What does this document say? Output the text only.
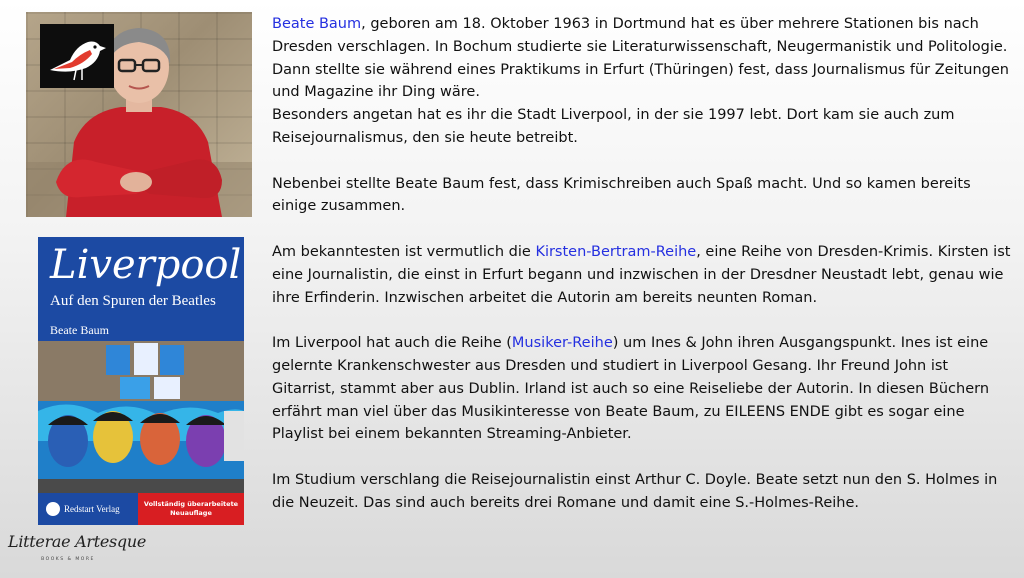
Liverpool

Auf den Spuren der Beatles

Beate Baum

Redstart Verlag
Vollständig überarbeitete
Neuauflage
Litterae Artesque
BOOKS & MORE

Beate Baum, geboren am 18. Oktober 1963 in Dortmund hat es über mehrere Stationen bis nach Dresden verschlagen. In Bochum studierte sie Literaturwissenschaft, Neugermanistik und Politologie. Dann stellte sie während eines Praktikums in Erfurt (Thüringen) fest, dass Journalismus für Zeitungen und Magazine ihr Ding wäre.

Besonders angetan hat es ihr die Stadt Liverpool, in der sie 1997 lebt. Dort kam sie auch zum Reisejournalismus, den sie heute betreibt.

Nebenbei stellte Beate Baum fest, dass Krimischreiben auch Spaß macht. Und so kamen bereits einige zusammen.

Am bekanntesten ist vermutlich die Kirsten-Bertram-Reihe, eine Reihe von Dresden-Krimis. Kirsten ist eine Journalistin, die einst in Erfurt begann und inzwischen in der Dresdner Neustadt lebt, genau wie ihre Erfinderin. Inzwischen arbeitet die Autorin am bereits neunten Roman.

Im Liverpool hat auch die Reihe (Musiker-Reihe) um Ines & John ihren Ausgangspunkt. Ines ist eine gelernte Krankenschwester aus Dresden und studiert in Liverpool Gesang. Ihr Freund John ist Gitarrist, stammt aber aus Dublin. Irland ist auch so eine Reiseliebe der Autorin. In diesen Büchern erfährt man viel über das Musikinteresse von Beate Baum, zu EILEENS ENDE gibt es sogar eine Playlist bei einem bekannten Streaming-Anbieter.

Im Studium verschlang die Reisejournalistin einst Arthur C. Doyle. Beate setzt nun den S. Holmes in die Neuzeit. Das sind auch bereits drei Romane und damit eine S.-Holmes-Reihe.
